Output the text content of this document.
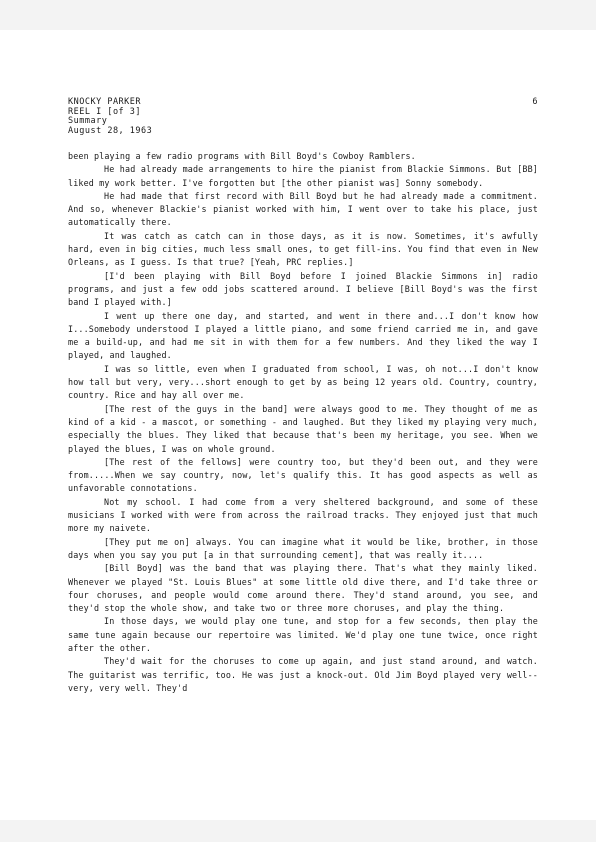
KNOCKY PARKER
REEL I [of 3]
Summary
August 28, 1963
6

been playing a few radio programs with Bill Boyd's Cowboy Ramblers.

He had already made arrangements to hire the pianist from Blackie Simmons. But [BB] liked my work better. I've forgotten but [the other pianist was] Sonny somebody.

He had made that first record with Bill Boyd but he had already made a commitment. And so, whenever Blackie's pianist worked with him, I went over to take his place, just automatically there.

It was catch as catch can in those days, as it is now. Sometimes, it's awfully hard, even in big cities, much less small ones, to get fill-ins. You find that even in New Orleans, as I guess. Is that true? [Yeah, PRC replies.]

[I'd been playing with Bill Boyd before I joined Blackie Simmons in] radio programs, and just a few odd jobs scattered around. I believe [Bill Boyd's was the first band I played with.]

I went up there one day, and started, and went in there and...I don't know how I...Somebody understood I played a little piano, and some friend carried me in, and gave me a build-up, and had me sit in with them for a few numbers. And they liked the way I played, and laughed.

I was so little, even when I graduated from school, I was, oh not...I don't know how tall but very, very...short enough to get by as being 12 years old. Country, country, country. Rice and hay all over me.

[The rest of the guys in the band] were always good to me. They thought of me as kind of a kid - a mascot, or something - and laughed. But they liked my playing very much, especially the blues. They liked that because that's been my heritage, you see. When we played the blues, I was on whole ground.

[The rest of the fellows] were country too, but they'd been out, and they were from.....When we say country, now, let's qualify this. It has good aspects as well as unfavorable connotations.

Not my school. I had come from a very sheltered background, and some of these musicians I worked with were from across the railroad tracks. They enjoyed just that much more my naivete.

[They put me on] always. You can imagine what it would be like, brother, in those days when you say you put [a in that surrounding cement], that was really it....

[Bill Boyd] was the band that was playing there. That's what they mainly liked. Whenever we played "St. Louis Blues" at some little old dive there, and I'd take three or four choruses, and people would come around there. They'd stand around, you see, and they'd stop the whole show, and take two or three more choruses, and play the thing.

In those days, we would play one tune, and stop for a few seconds, then play the same tune again because our repertoire was limited. We'd play one tune twice, once right after the other.

They'd wait for the choruses to come up again, and just stand around, and watch. The guitarist was terrific, too. He was just a knock-out. Old Jim Boyd played very well--very, very well. They'd
